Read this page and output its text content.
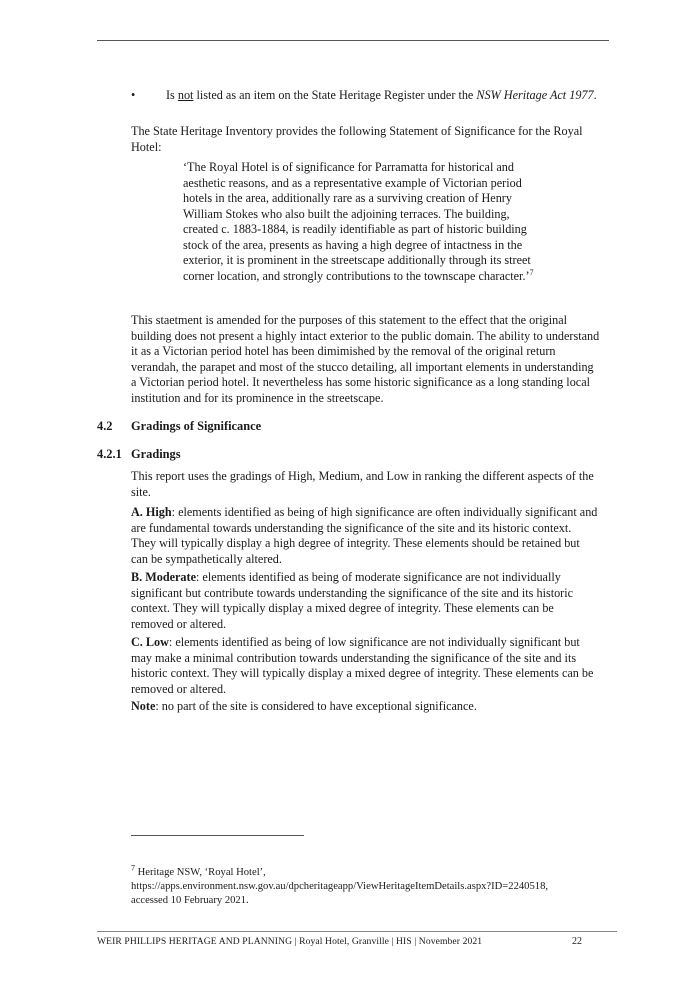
•	Is not listed as an item on the State Heritage Register under the NSW Heritage Act 1977.

The State Heritage Inventory provides the following Statement of Significance for the Royal Hotel:

‘The Royal Hotel is of significance for Parramatta for historical and aesthetic reasons, and as a representative example of Victorian period hotels in the area, additionally rare as a surviving creation of Henry William Stokes who also built the adjoining terraces. The building, created c. 1883-1884, is readily identifiable as part of historic building stock of the area, presents as having a high degree of intactness in the exterior, it is prominent in the streetscape additionally through its street corner location, and strongly contributions to the townscape character.’$^7$

This staetment is amended for the purposes of this statement to the effect that the original building does not present a highly intact exterior to the public domain. The ability to understand it as a Victorian period hotel has been dimimished by the removal of the original return verandah, the parapet and most of the stucco detailing, all important elements in understanding a Victorian period hotel. It nevertheless has some historic significance as a long standing local institution and for its prominence in the streetscape.

4.2 Gradings of Significance
4.2.1 Gradings

This report uses the gradings of High, Medium, and Low in ranking the different aspects of the site.

A. High: elements identified as being of high significance are often individually significant and are fundamental towards understanding the significance of the site and its historic context. They will typically display a high degree of integrity. These elements should be retained but can be sympathetically altered.

B. Moderate: elements identified as being of moderate significance are not individually significant but contribute towards understanding the significance of the site and its historic context. They will typically display a mixed degree of integrity. These elements can be removed or altered.

C. Low: elements identified as being of low significance are not individually significant but may make a minimal contribution towards understanding the significance of the site and its historic context. They will typically display a mixed degree of integrity. These elements can be removed or altered.

Note: no part of the site is considered to have exceptional significance.

$^7$ Heritage NSW, ‘Royal Hotel’,
https://apps.environment.nsw.gov.au/dpcheritageapp/ViewHeritageItemDetails.aspx?ID=2240518,
accessed 10 February 2021.
WEIR PHILLIPS HERITAGE AND PLANNING | Royal Hotel, Granville | HIS | November 2021	22
